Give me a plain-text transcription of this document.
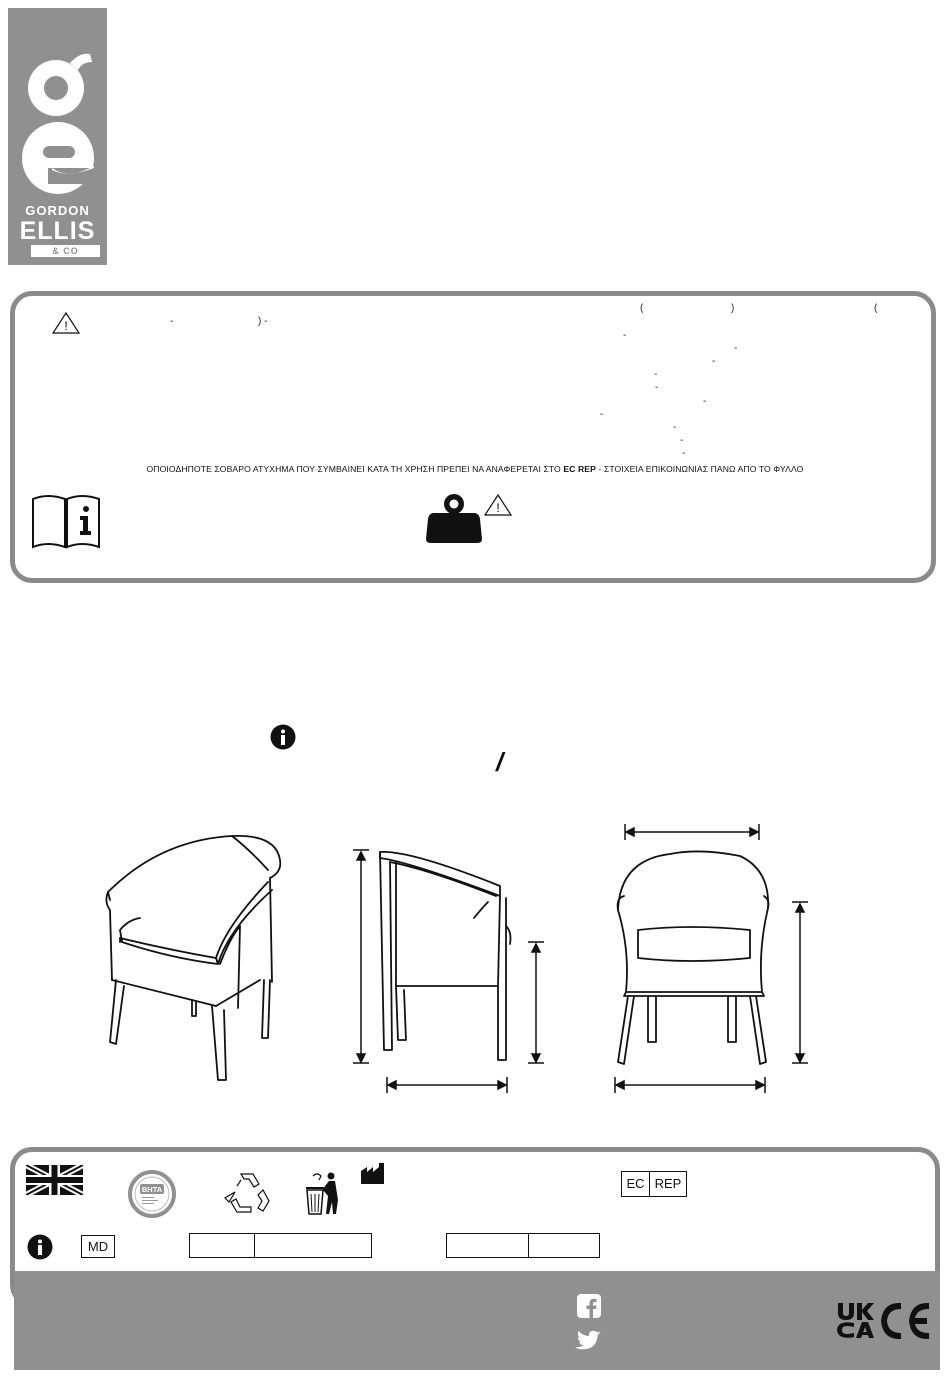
GORDON
ELLIS
& CO
!	-	) -
(	)	(
-
-
-
-
-
-
-
-
-
-
ΟΠΟΙΟΔΗΠΟΤΕ ΣΟΒΑΡΟ ΑΤΥΧΗΜΑ ΠΟΥ ΣΥΜΒΑΙΝΕΙ ΚΑΤΑ ΤΗ ΧΡΗΣΗ ΠΡΕΠΕΙ ΝΑ ΑΝΑΦΕΡΕΤΑΙ ΣΤΟ EC REP - ΣΤΟΙΧΕΙΑ ΕΠΙΚΟΙΝΩΝΙΑΣ ΠΑΝΩ ΑΠΟ ΤΟ ΦΥΛΛΟ
!
/
BHTA	EC REP
MD
